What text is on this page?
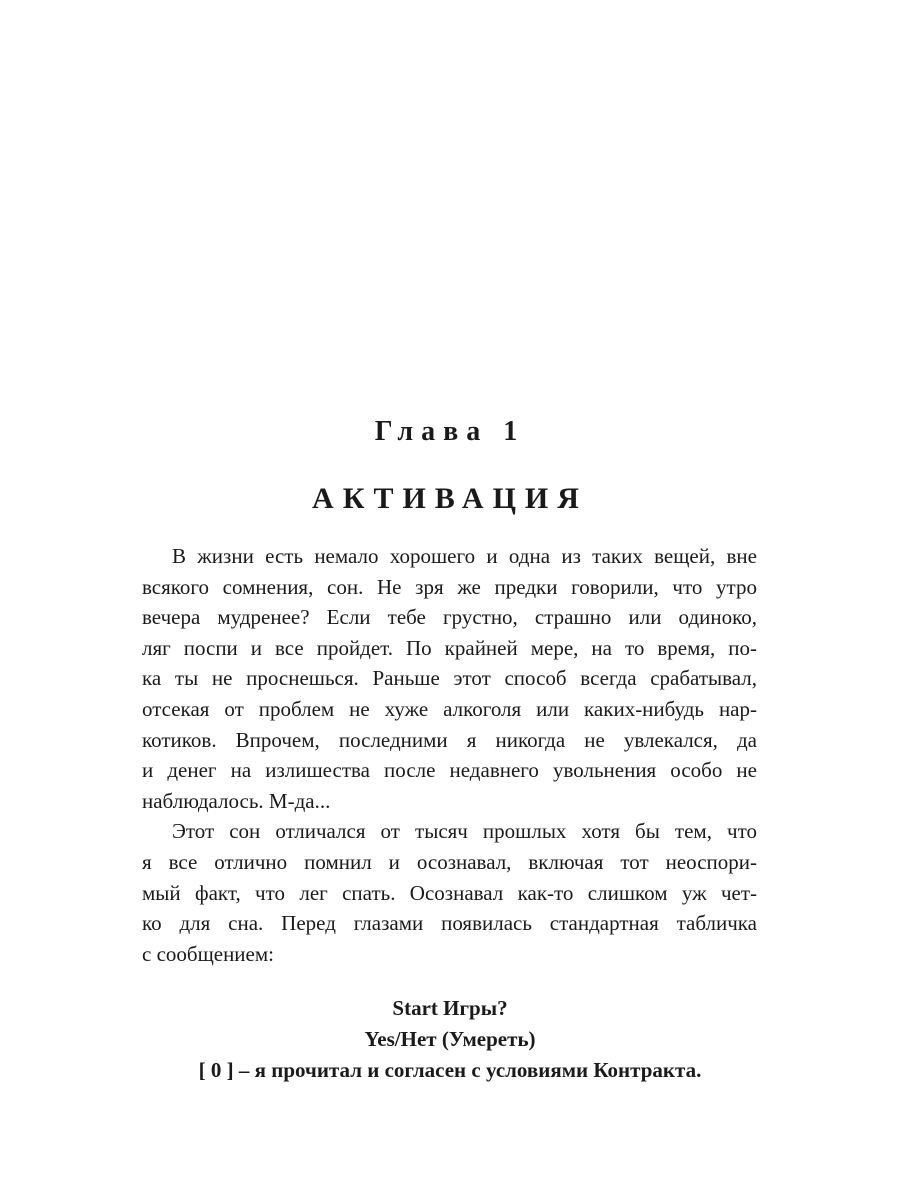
Глава 1
АКТИВАЦИЯ

В жизни есть немало хорошего и одна из таких вещей, вне
всякого сомнения, сон. Не зря же предки говорили, что утро
вечера мудренее? Если тебе грустно, страшно или одиноко,
ляг поспи и все пройдет. По крайней мере, на то время, по-
ка ты не проснешься. Раньше этот способ всегда срабатывал,
отсекая от проблем не хуже алкоголя или каких-нибудь нар-
котиков. Впрочем, последними я никогда не увлекался, да
и денег на излишества после недавнего увольнения особо не
наблюдалось. М-да...

Этот сон отличался от тысяч прошлых хотя бы тем, что
я все отлично помнил и осознавал, включая тот неоспори-
мый факт, что лег спать. Осознавал как-то слишком уж чет-
ко для сна. Перед глазами появилась стандартная табличка
с сообщением:

Start Игры?
Yes/Нет (Умереть)
[ 0 ] – я прочитал и согласен с условиями Контракта.
